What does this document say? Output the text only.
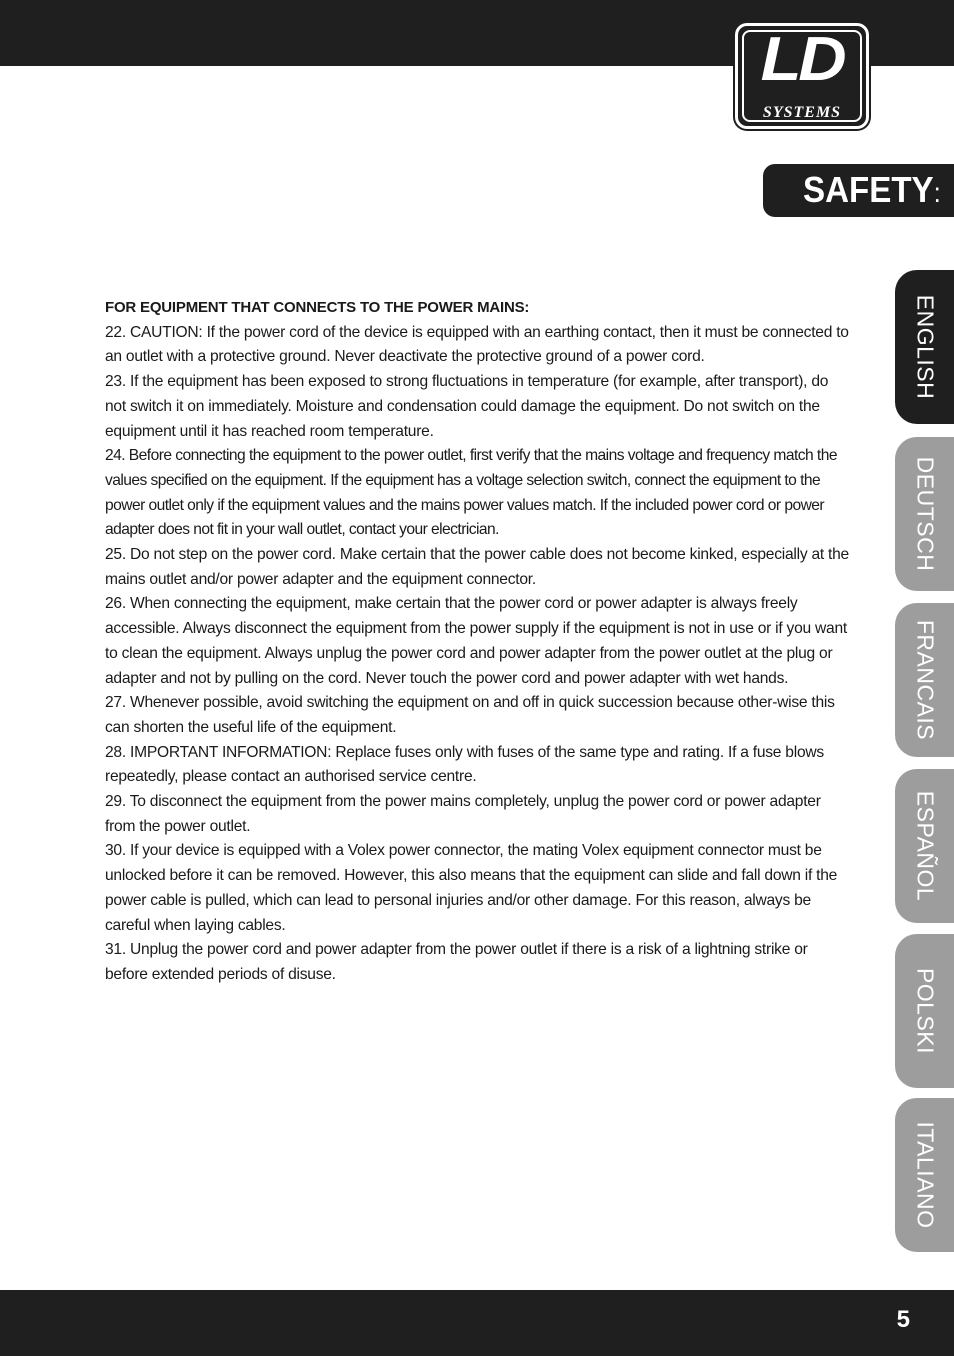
LD
SYSTEMS
SAFETY:
ENGLISH
DEUTSCH
FRANCAIS
ESPAÑOL
POLSKI
ITALIANO

FOR EQUIPMENT THAT CONNECTS TO THE POWER MAINS:

22. CAUTION: If the power cord of the device is equipped with an earthing contact, then it must be connected to an outlet with a protective ground. Never deactivate the protective ground of a power cord.

23. If the equipment has been exposed to strong fluctuations in temperature (for example, after transport), do not switch it on immediately. Moisture and condensation could damage the equipment. Do not switch on the equipment until it has reached room temperature.

24. Before connecting the equipment to the power outlet, first verify that the mains voltage and frequency match the values specified on the equipment. If the equipment has a voltage selection switch, connect the equipment to the power outlet only if the equipment values and the mains power values match. If the included power cord or power adapter does not fit in your wall outlet, contact your electrician.

25. Do not step on the power cord. Make certain that the power cable does not become kinked, especially at the mains outlet and/or power adapter and the equipment connector.

26. When connecting the equipment, make certain that the power cord or power adapter is always freely accessible. Always disconnect the equipment from the power supply if the equipment is not in use or if you want to clean the equipment. Always unplug the power cord and power adapter from the power outlet at the plug or adapter and not by pulling on the cord. Never touch the power cord and power adapter with wet hands.

27. Whenever possible, avoid switching the equipment on and off in quick succession because other-wise this can shorten the useful life of the equipment.

28. IMPORTANT INFORMATION: Replace fuses only with fuses of the same type and rating. If a fuse blows repeatedly, please contact an authorised service centre.

29. To disconnect the equipment from the power mains completely, unplug the power cord or power adapter from the power outlet.

30. If your device is equipped with a Volex power connector, the mating Volex equipment connector must be unlocked before it can be removed. However, this also means that the equipment can slide and fall down if the power cable is pulled, which can lead to personal injuries and/or other damage. For this reason, always be careful when laying cables.

31. Unplug the power cord and power adapter from the power outlet if there is a risk of a lightning strike or before extended periods of disuse.

5
